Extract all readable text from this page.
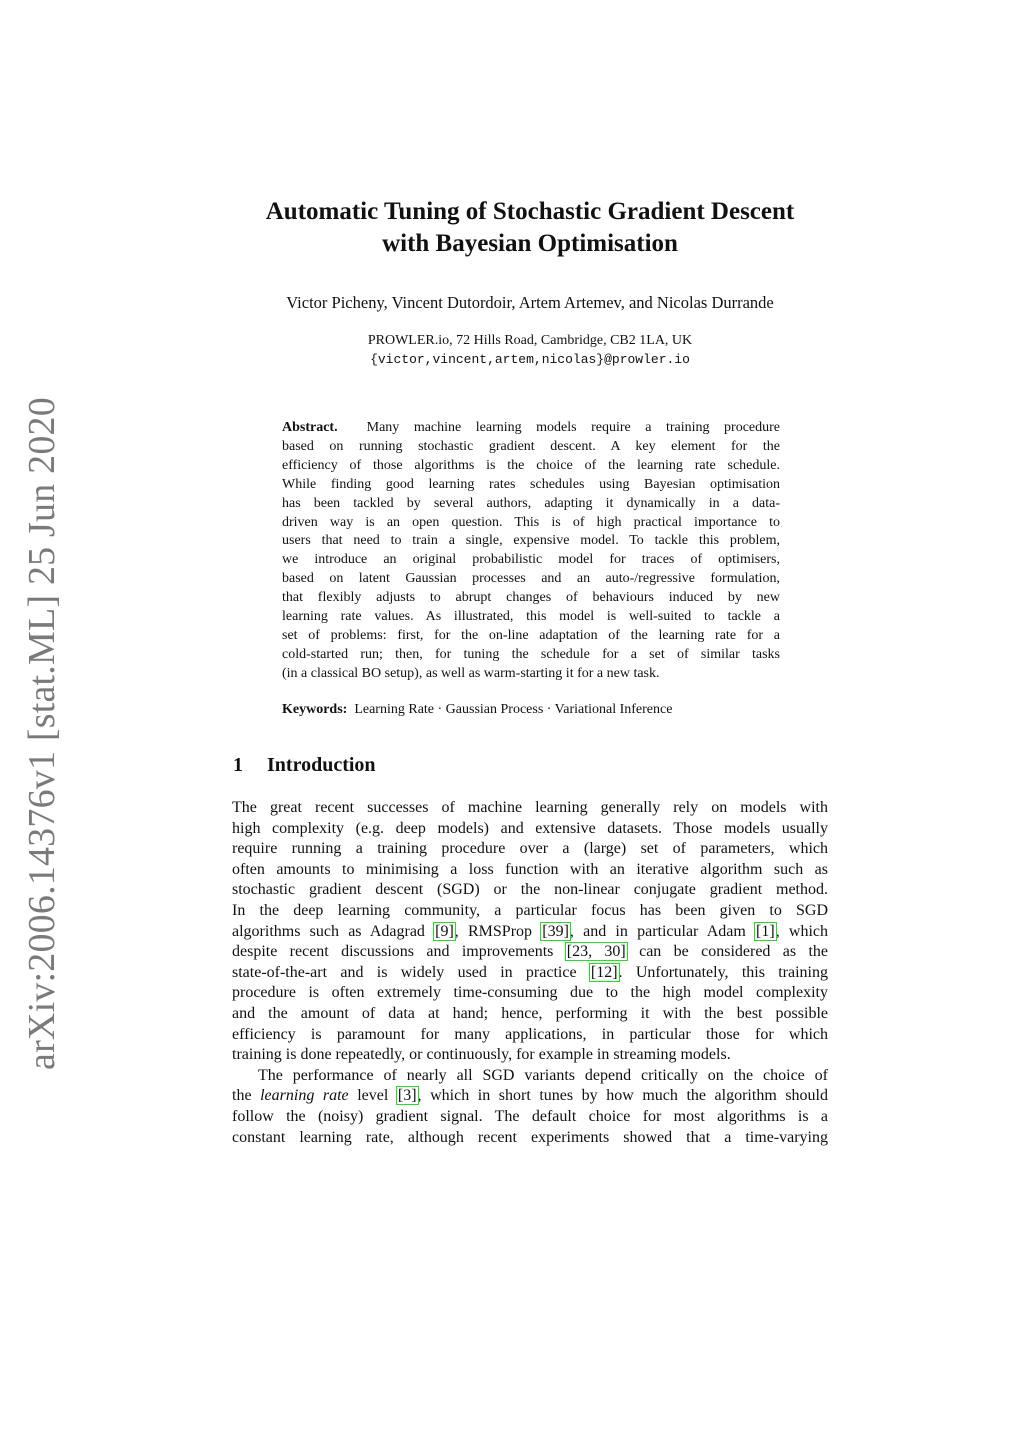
arXiv:2006.14376v1 [stat.ML] 25 Jun 2020
Automatic Tuning of Stochastic Gradient Descent
with Bayesian Optimisation
Victor Picheny, Vincent Dutordoir, Artem Artemev, and Nicolas Durrande
PROWLER.io, 72 Hills Road, Cambridge, CB2 1LA, UK
{victor,vincent,artem,nicolas}@prowler.io
Abstract. Many machine learning models require a training procedure
based on running stochastic gradient descent. A key element for the
efficiency of those algorithms is the choice of the learning rate schedule.
While finding good learning rates schedules using Bayesian optimisation
has been tackled by several authors, adapting it dynamically in a data-
driven way is an open question. This is of high practical importance to
users that need to train a single, expensive model. To tackle this problem,
we introduce an original probabilistic model for traces of optimisers,
based on latent Gaussian processes and an auto-/regressive formulation,
that flexibly adjusts to abrupt changes of behaviours induced by new
learning rate values. As illustrated, this model is well-suited to tackle a
set of problems: first, for the on-line adaptation of the learning rate for a
cold-started run; then, for tuning the schedule for a set of similar tasks
(in a classical BO setup), as well as warm-starting it for a new task.
Keywords: Learning Rate · Gaussian Process · Variational Inference
1 Introduction
The great recent successes of machine learning generally rely on models with
high complexity (e.g. deep models) and extensive datasets. Those models usually
require running a training procedure over a (large) set of parameters, which
often amounts to minimising a loss function with an iterative algorithm such as
stochastic gradient descent (SGD) or the non-linear conjugate gradient method.
In the deep learning community, a particular focus has been given to SGD
algorithms such as Adagrad [9], RMSProp [39], and in particular Adam [1], which
despite recent discussions and improvements [23, 30] can be considered as the
state-of-the-art and is widely used in practice [12]. Unfortunately, this training
procedure is often extremely time-consuming due to the high model complexity
and the amount of data at hand; hence, performing it with the best possible
efficiency is paramount for many applications, in particular those for which
training is done repeatedly, or continuously, for example in streaming models.
The performance of nearly all SGD variants depend critically on the choice of
the learning rate level [3], which in short tunes by how much the algorithm should
follow the (noisy) gradient signal. The default choice for most algorithms is a
constant learning rate, although recent experiments showed that a time-varying
